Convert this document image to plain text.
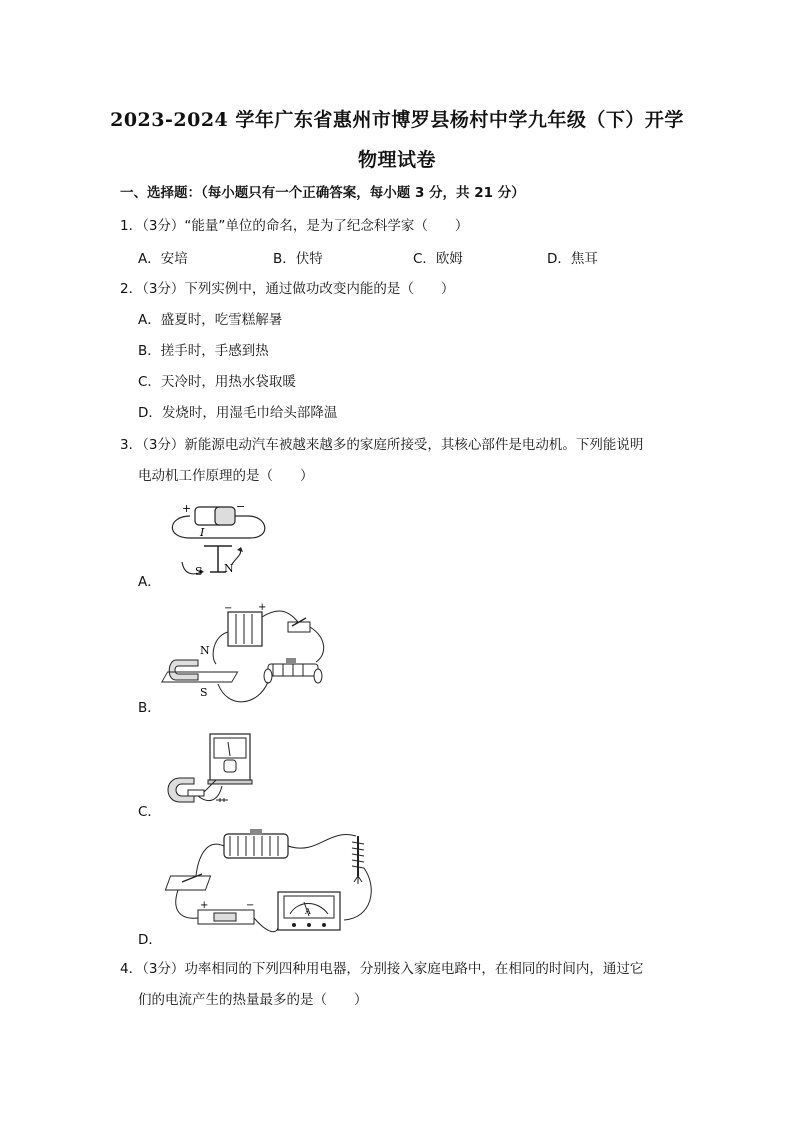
2023-2024 学年广东省惠州市博罗县杨村中学九年级（下）开学
物理试卷
一、选择题：（每小题只有一个正确答案，每小题 3 分，共 21 分）
1．（3分）“能量”单位的命名，是为了纪念科学家（　　）
A．安培	B．伏特	C．欧姆	D．焦耳
2．（3分）下列实例中，通过做功改变内能的是（　　）
A．盛夏时，吃雪糕解暑
B．搓手时，手感到热
C．天冷时，用热水袋取暖
D．发烧时，用湿毛巾给头部降温
3．（3分）新能源电动汽车被越来越多的家庭所接受，其核心部件是电动机。下列能说明
电动机工作原理的是（　　）
+	−
I
S N
A．
−	+
N
S
B．
C．
+	−
A
D．
4．（3分）功率相同的下列四种用电器，分别接入家庭电路中，在相同的时间内，通过它
们的电流产生的热量最多的是（　　）
